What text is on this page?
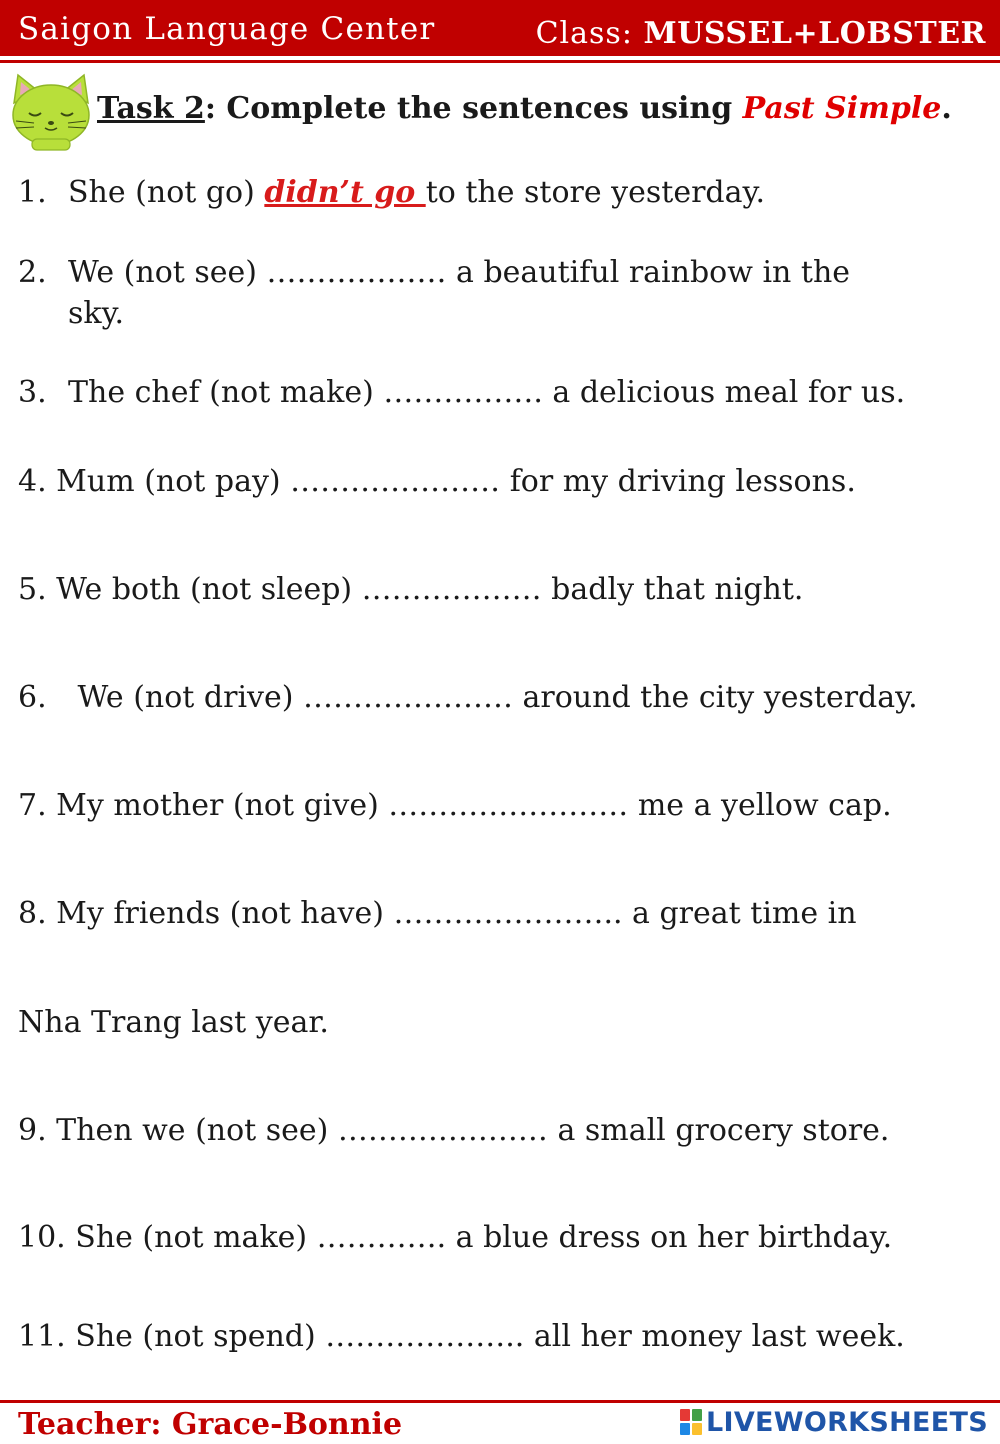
Saigon Language Center	Class: MUSSEL+LOBSTER
Task 2: Complete the sentences using Past Simple.
1. She (not go) didn’t go to the store yesterday.
2. We (not see) ……………… a beautiful rainbow in the
sky.
3. The chef (not make) ……………. a delicious meal for us.
4. Mum (not pay) ………………… for my driving lessons.
5. We both (not sleep) ……………… badly that night.
6. We (not drive) ………………… around the city yesterday.
7. My mother (not give) …………………… me a yellow cap.
8. My friends (not have) ………………….. a great time in
Nha Trang last year.
9. Then we (not see) ………………… a small grocery store.
10. She (not make) …………. a blue dress on her birthday.
11. She (not spend) ……………….. all her money last week.
Teacher: Grace-Bonnie	LIVEWORKSHEETS
